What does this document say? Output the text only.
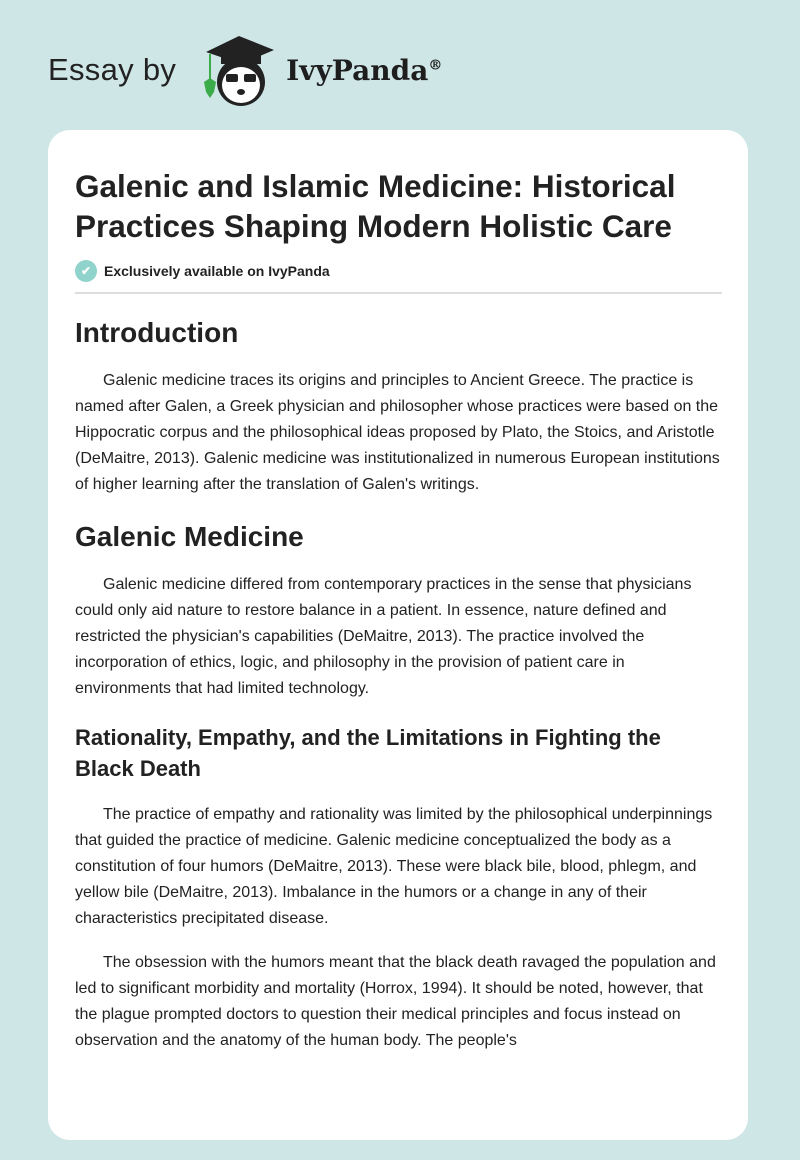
Essay by	IvyPanda®
Galenic and Islamic Medicine: Historical Practices Shaping Modern Holistic Care
✔ Exclusively available on IvyPanda
Introduction

Galenic medicine traces its origins and principles to Ancient Greece. The practice is named after Galen, a Greek physician and philosopher whose practices were based on the Hippocratic corpus and the philosophical ideas proposed by Plato, the Stoics, and Aristotle (DeMaitre, 2013). Galenic medicine was institutionalized in numerous European institutions of higher learning after the translation of Galen's writings.

Galenic Medicine

Galenic medicine differed from contemporary practices in the sense that physicians could only aid nature to restore balance in a patient. In essence, nature defined and restricted the physician's capabilities (DeMaitre, 2013). The practice involved the incorporation of ethics, logic, and philosophy in the provision of patient care in environments that had limited technology.

Rationality, Empathy, and the Limitations in Fighting the Black Death

The practice of empathy and rationality was limited by the philosophical underpinnings that guided the practice of medicine. Galenic medicine conceptualized the body as a constitution of four humors (DeMaitre, 2013). These were black bile, blood, phlegm, and yellow bile (DeMaitre, 2013). Imbalance in the humors or a change in any of their characteristics precipitated disease.

The obsession with the humors meant that the black death ravaged the population and led to significant morbidity and mortality (Horrox, 1994). It should be noted, however, that the plague prompted doctors to question their medical principles and focus instead on observation and the anatomy of the human body. The people's
